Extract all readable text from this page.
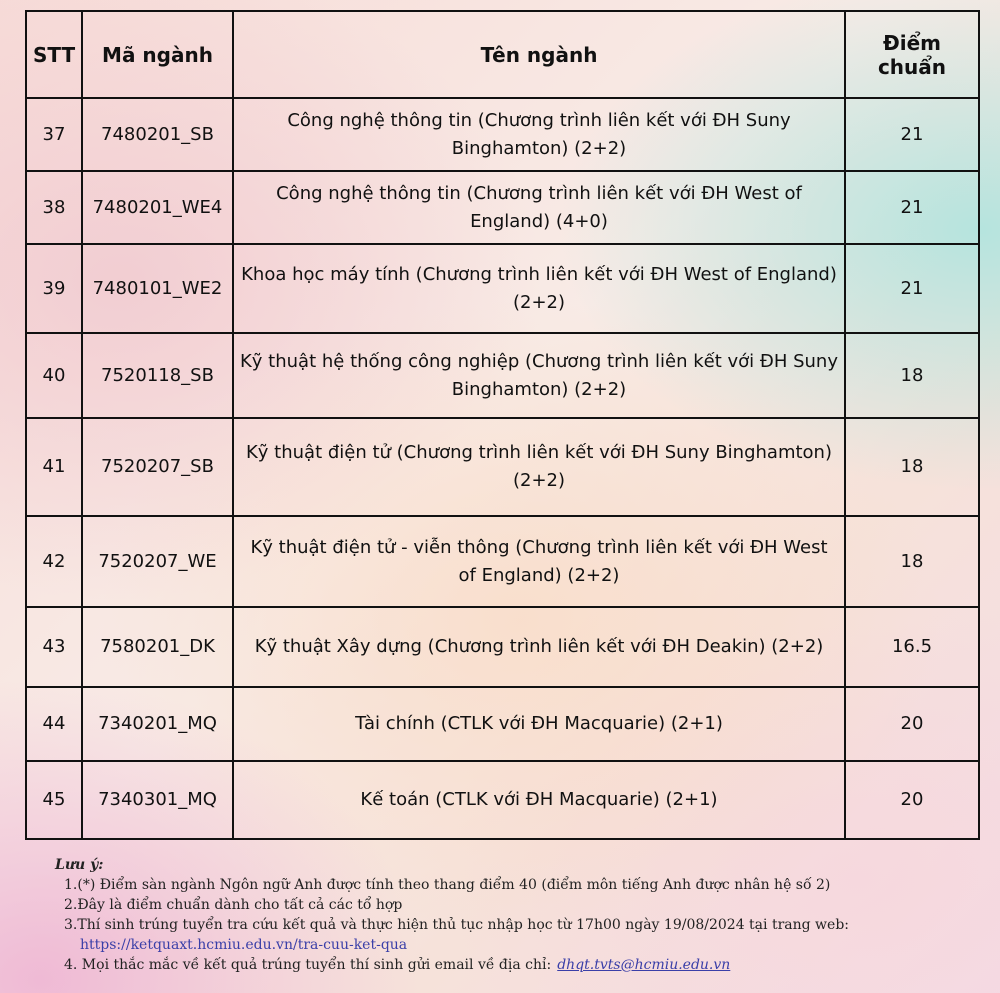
STT	Mã ngành	Tên ngành	Điểm
chuẩn
37	7480201_SB	Công nghệ thông tin (Chương trình liên kết với ĐH Suny Binghamton) (2+2)	21
38	7480201_WE4	Công nghệ thông tin (Chương trình liên kết với ĐH West of England) (4+0)	21
39	7480101_WE2	Khoa học máy tính (Chương trình liên kết với ĐH West of England) (2+2)	21
40	7520118_SB	Kỹ thuật hệ thống công nghiệp (Chương trình liên kết với ĐH Suny Binghamton) (2+2)	18
41	7520207_SB	Kỹ thuật điện tử (Chương trình liên kết với ĐH Suny Binghamton) (2+2)	18
42	7520207_WE	Kỹ thuật điện tử - viễn thông (Chương trình liên kết với ĐH West of England) (2+2)	18
43	7580201_DK	Kỹ thuật Xây dựng (Chương trình liên kết với ĐH Deakin) (2+2)	16.5
44	7340201_MQ	Tài chính (CTLK với ĐH Macquarie) (2+1)	20
45	7340301_MQ	Kế toán (CTLK với ĐH Macquarie) (2+1)	20
Lưu ý:
1.(*) Điểm sàn ngành Ngôn ngữ Anh được tính theo thang điểm 40 (điểm môn tiếng Anh được nhân hệ số 2)
2.Đây là điểm chuẩn dành cho tất cả các tổ hợp
3.Thí sinh trúng tuyển tra cứu kết quả và thực hiện thủ tục nhập học từ 17h00 ngày 19/08/2024 tại trang web:
https://ketquaxt.hcmiu.edu.vn/tra-cuu-ket-qua
4. Mọi thắc mắc về kết quả trúng tuyển thí sinh gửi email về địa chỉ: dhqt.tvts@hcmiu.edu.vn
